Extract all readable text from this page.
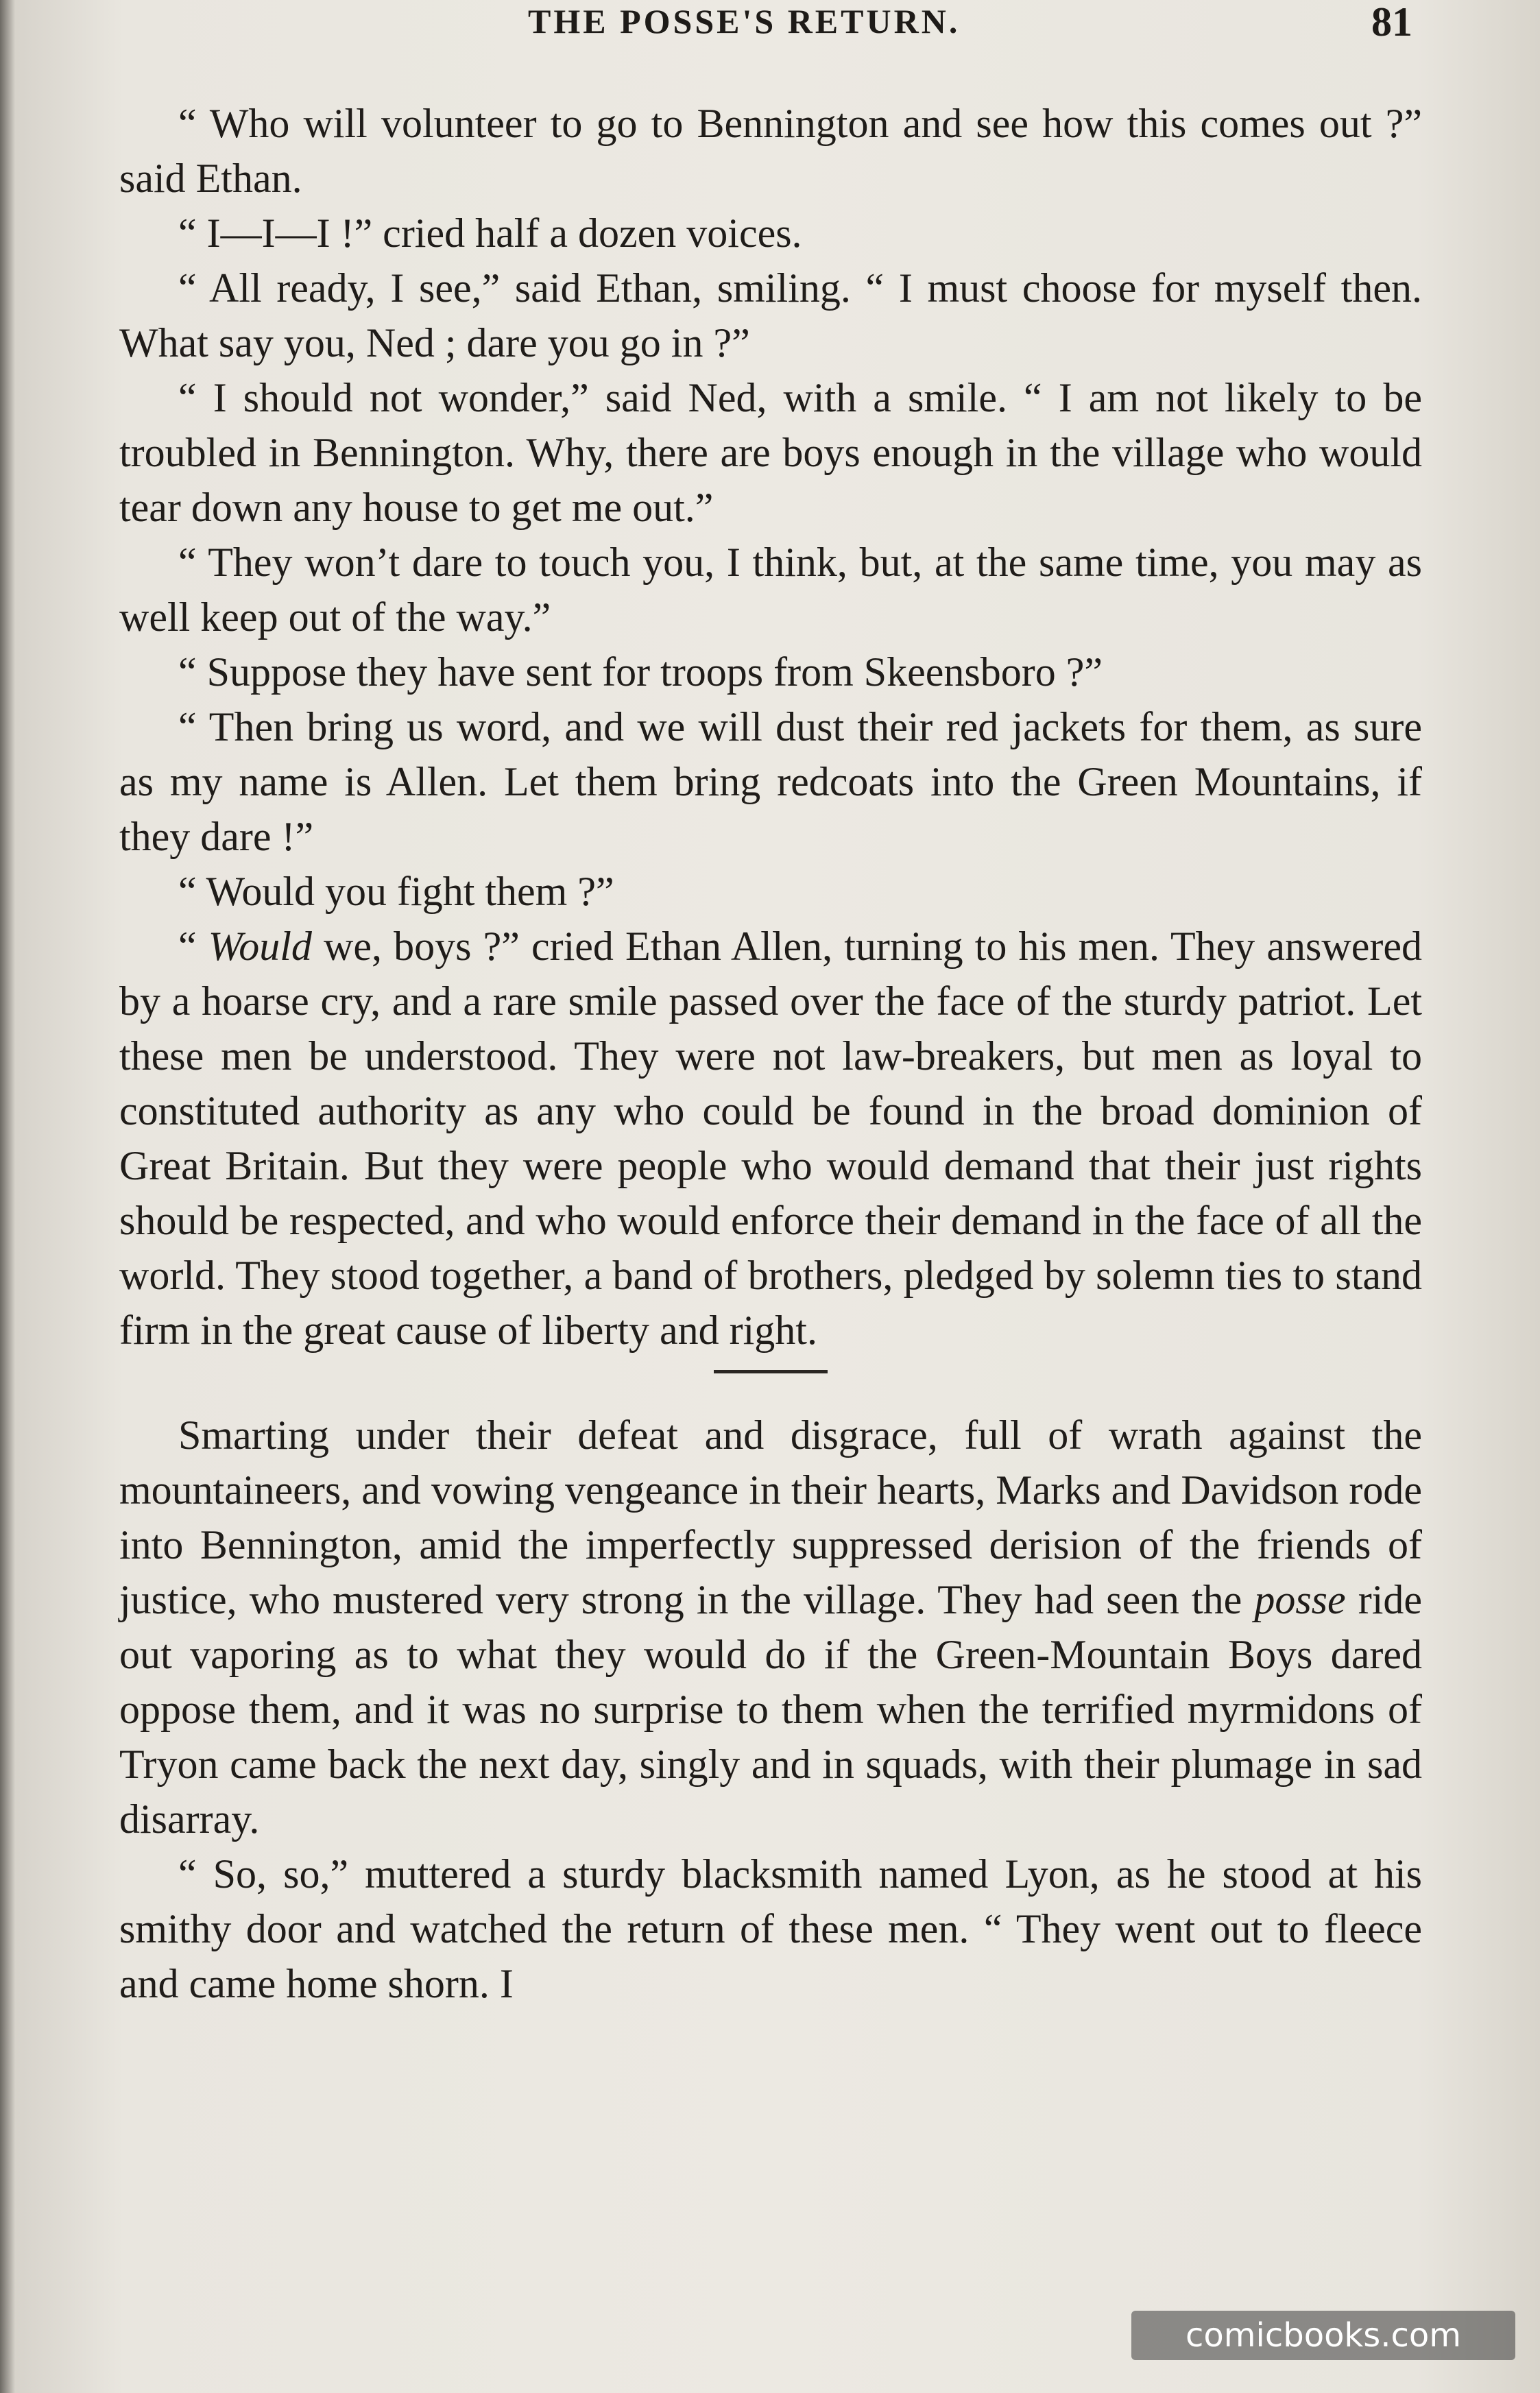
THE POSSE'S RETURN.	81

“ Who will volunteer to go to Bennington and see how this comes out ?” said Ethan.

“ I—I—I !” cried half a dozen voices.

“ All ready, I see,” said Ethan, smiling. “ I must choose for myself then. What say you, Ned ; dare you go in ?”

“ I should not wonder,” said Ned, with a smile. “ I am not likely to be troubled in Bennington. Why, there are boys enough in the village who would tear down any house to get me out.”

“ They won’t dare to touch you, I think, but, at the same time, you may as well keep out of the way.”

“ Suppose they have sent for troops from Skeensboro ?”

“ Then bring us word, and we will dust their red jackets for them, as sure as my name is Allen. Let them bring redcoats into the Green Mountains, if they dare !”

“ Would you fight them ?”

“ Would we, boys ?” cried Ethan Allen, turning to his men. They answered by a hoarse cry, and a rare smile passed over the face of the sturdy patriot. Let these men be understood. They were not law-breakers, but men as loyal to constituted authority as any who could be found in the broad dominion of Great Britain. But they were people who would demand that their just rights should be respected, and who would enforce their demand in the face of all the world. They stood together, a band of brothers, pledged by solemn ties to stand firm in the great cause of liberty and right.

Smarting under their defeat and disgrace, full of wrath against the mountaineers, and vowing vengeance in their hearts, Marks and Davidson rode into Bennington, amid the imperfectly suppressed derision of the friends of justice, who mustered very strong in the village. They had seen the posse ride out vaporing as to what they would do if the Green-Mountain Boys dared oppose them, and it was no surprise to them when the terrified myrmidons of Tryon came back the next day, singly and in squads, with their plumage in sad disarray.

“ So, so,” muttered a sturdy blacksmith named Lyon, as he stood at his smithy door and watched the return of these men. “ They went out to fleece and came home shorn. I

comicbooks.com
